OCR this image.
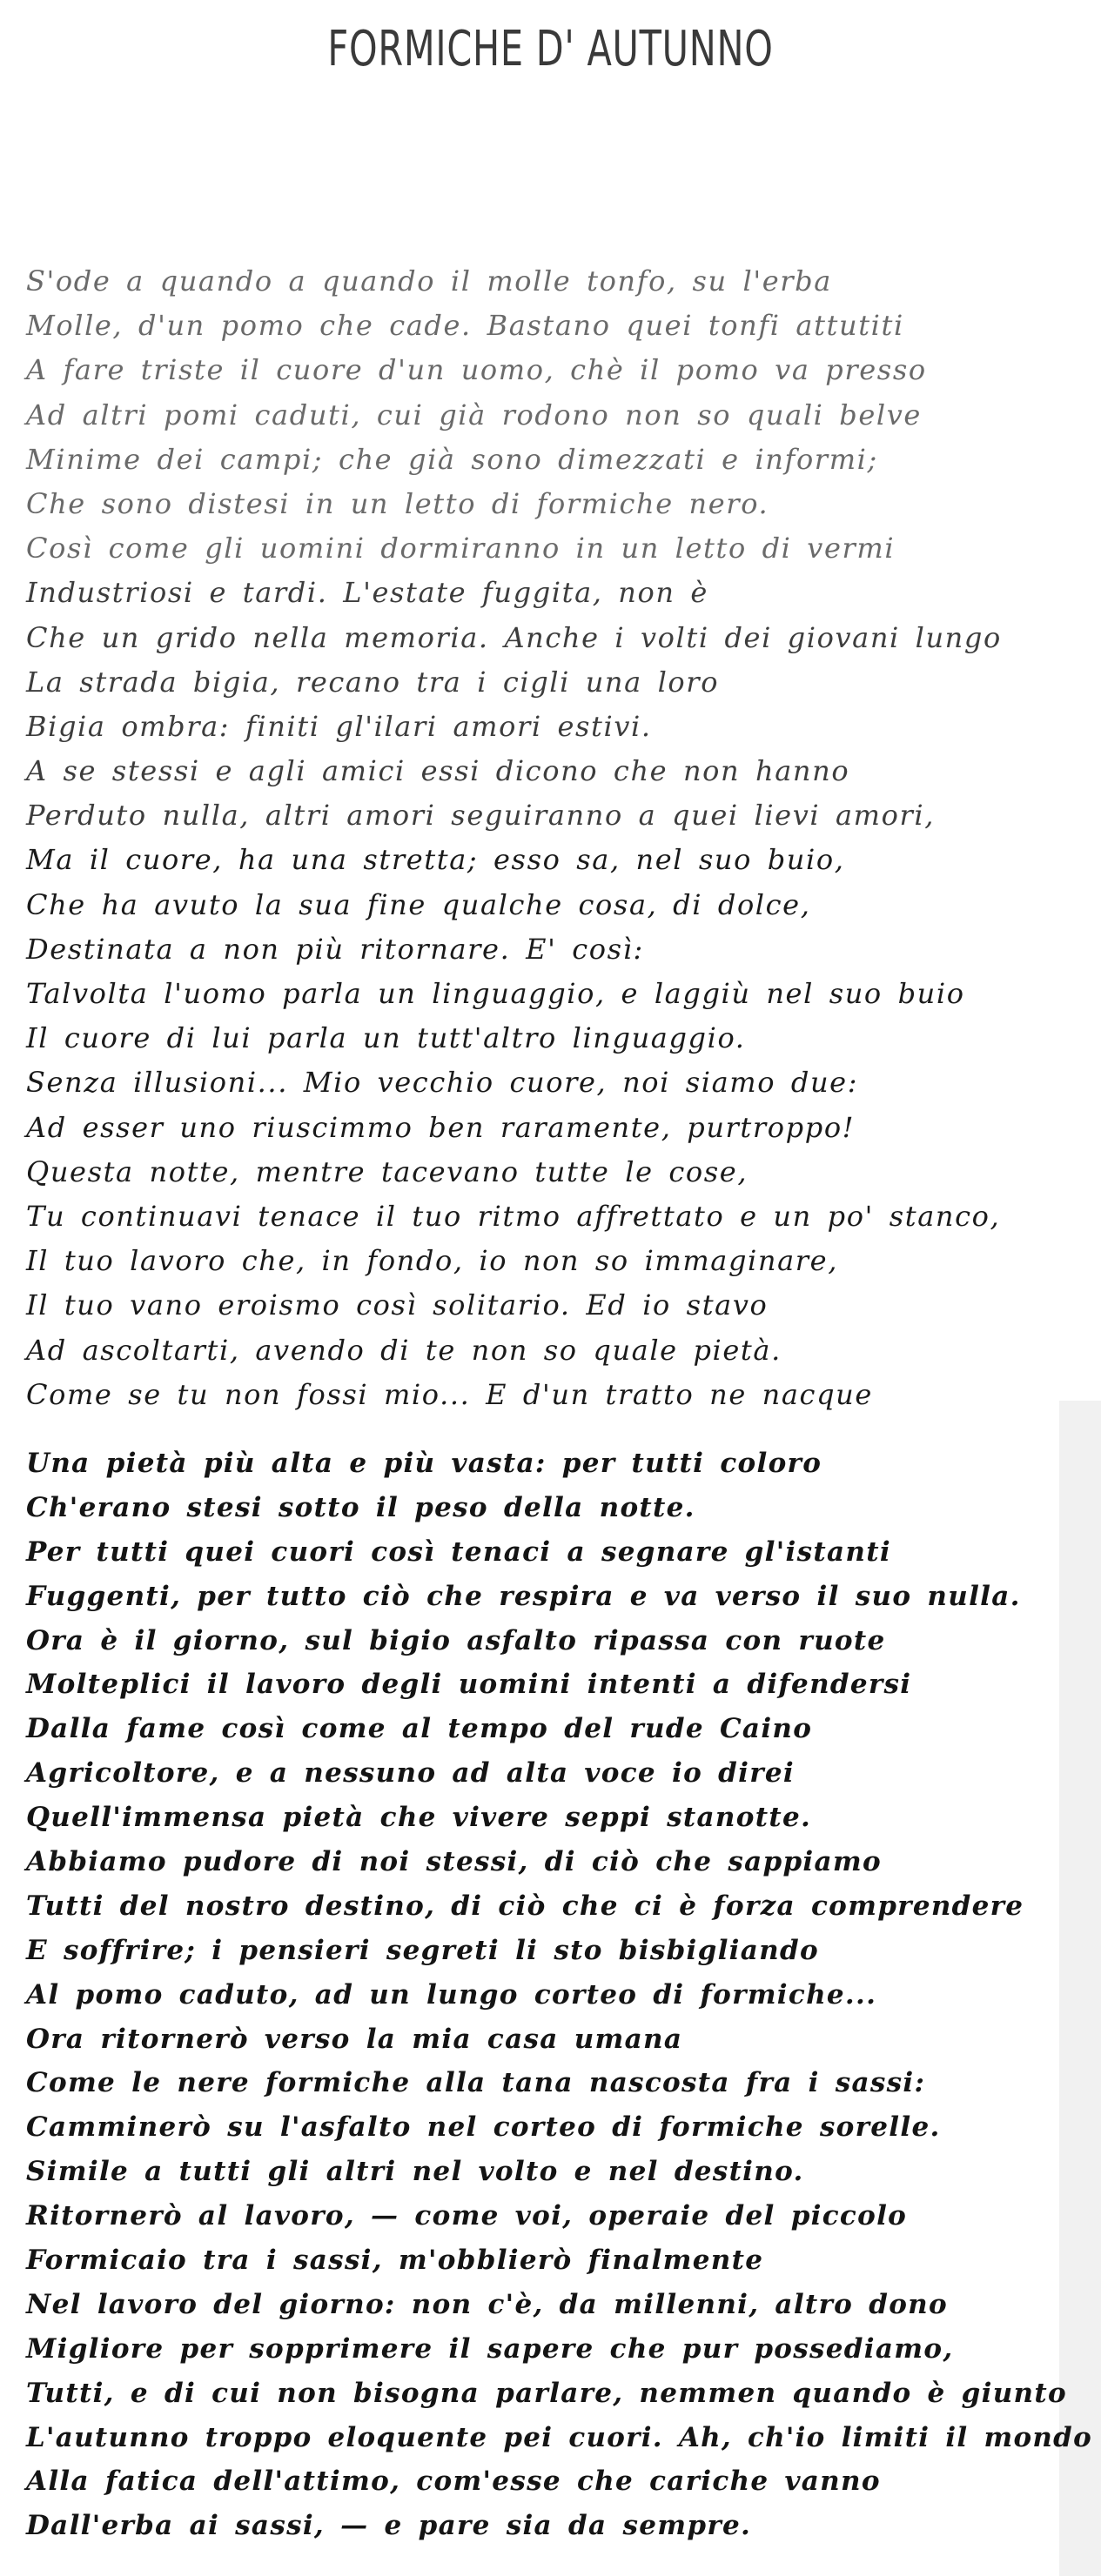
FORMICHE D' AUTUNNO
S'ode a quando a quando il molle tonfo, su l'erba
Molle, d'un pomo che cade. Bastano quei tonfi attutiti
A fare triste il cuore d'un uomo, chè il pomo va presso
Ad altri pomi caduti, cui già rodono non so quali belve
Minime dei campi; che già sono dimezzati e informi;
Che sono distesi in un letto di formiche nero.
Così come gli uomini dormiranno in un letto di vermi
Industriosi e tardi. L'estate fuggita, non è
Che un grido nella memoria. Anche i volti dei giovani lungo
La strada bigia, recano tra i cigli una loro
Bigia ombra: finiti gl'ilari amori estivi.
A se stessi e agli amici essi dicono che non hanno
Perduto nulla, altri amori seguiranno a quei lievi amori,
Ma il cuore, ha una stretta; esso sa, nel suo buio,
Che ha avuto la sua fine qualche cosa, di dolce,
Destinata a non più ritornare. E' così:
Talvolta l'uomo parla un linguaggio, e laggiù nel suo buio
Il cuore di lui parla un tutt'altro linguaggio.
Senza illusioni... Mio vecchio cuore, noi siamo due:
Ad esser uno riuscimmo ben raramente, purtroppo!
Questa notte, mentre tacevano tutte le cose,
Tu continuavi tenace il tuo ritmo affrettato e un po' stanco,
Il tuo lavoro che, in fondo, io non so immaginare,
Il tuo vano eroismo così solitario. Ed io stavo
Ad ascoltarti, avendo di te non so quale pietà.
Come se tu non fossi mio... E d'un tratto ne nacque
Una pietà più alta e più vasta: per tutti coloro
Ch'erano stesi sotto il peso della notte.
Per tutti quei cuori così tenaci a segnare gl'istanti
Fuggenti, per tutto ciò che respira e va verso il suo nulla.
Ora è il giorno, sul bigio asfalto ripassa con ruote
Molteplici il lavoro degli uomini intenti a difendersi
Dalla fame così come al tempo del rude Caino
Agricoltore, e a nessuno ad alta voce io direi
Quell'immensa pietà che vivere seppi stanotte.
Abbiamo pudore di noi stessi, di ciò che sappiamo
Tutti del nostro destino, di ciò che ci è forza comprendere
E soffrire; i pensieri segreti li sto bisbigliando
Al pomo caduto, ad un lungo corteo di formiche...
Ora ritornerò verso la mia casa umana
Come le nere formiche alla tana nascosta fra i sassi:
Camminerò su l'asfalto nel corteo di formiche sorelle.
Simile a tutti gli altri nel volto e nel destino.
Ritornerò al lavoro, — come voi, operaie del piccolo
Formicaio tra i sassi, m'obblierò finalmente
Nel lavoro del giorno: non c'è, da millenni, altro dono
Migliore per sopprimere il sapere che pur possediamo,
Tutti, e di cui non bisogna parlare, nemmen quando è giunto
L'autunno troppo eloquente pei cuori. Ah, ch'io limiti il mondo
Alla fatica dell'attimo, com'esse che cariche vanno
Dall'erba ai sassi, — e pare sia da sempre.
